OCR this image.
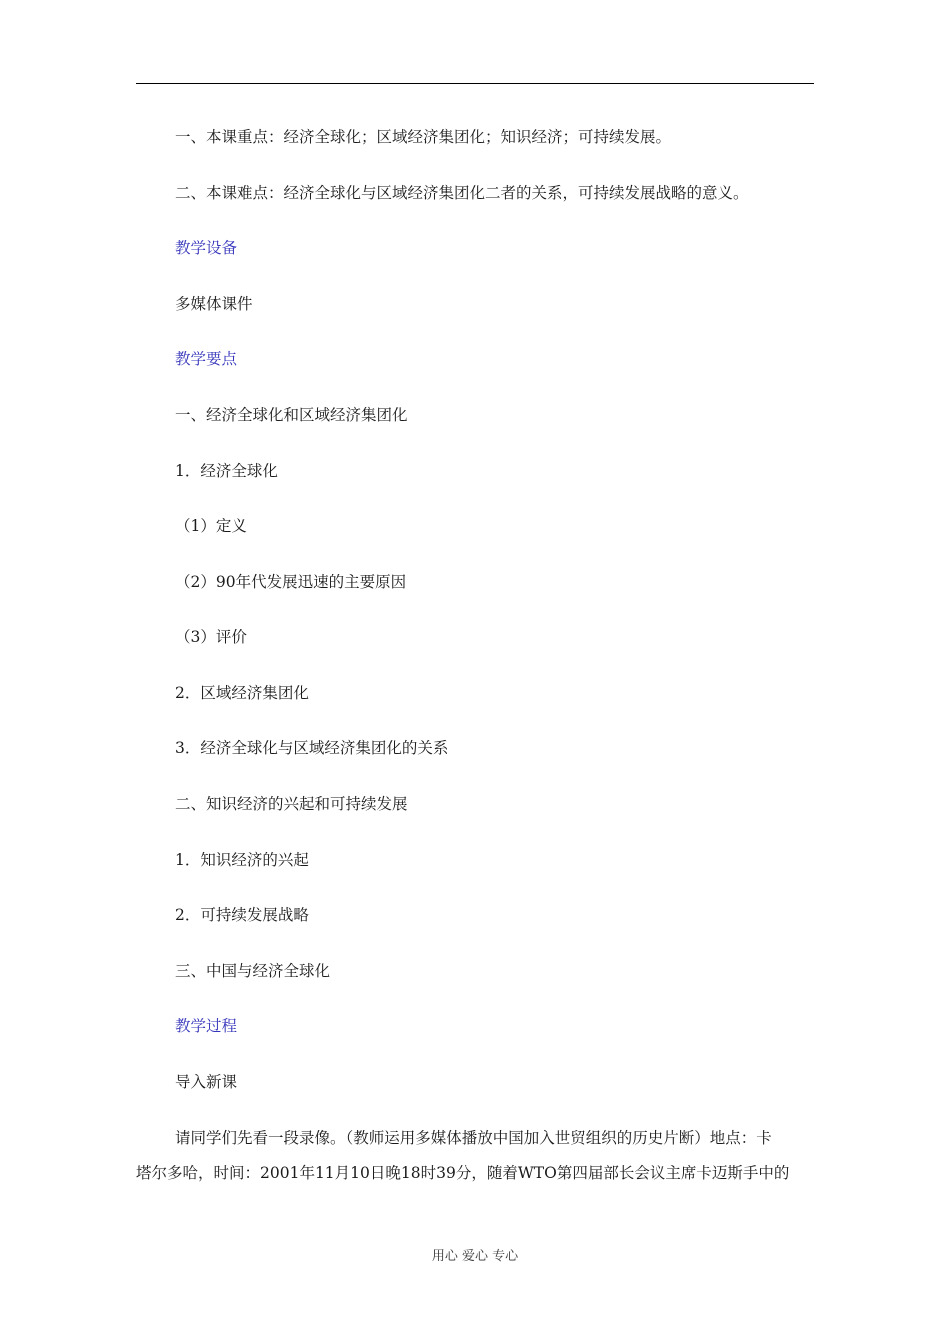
一、本课重点：经济全球化；区域经济集团化；知识经济；可持续发展。
二、本课难点：经济全球化与区域经济集团化二者的关系，可持续发展战略的意义。
教学设备
多媒体课件
教学要点
一、经济全球化和区域经济集团化
1．经济全球化
（1）定义
（2）90年代发展迅速的主要原因
（3）评价
2．区域经济集团化
3．经济全球化与区域经济集团化的关系
二、知识经济的兴起和可持续发展
1．知识经济的兴起
2．可持续发展战略
三、中国与经济全球化
教学过程
导入新课
请同学们先看一段录像。（教师运用多媒体播放中国加入世贸组织的历史片断）地点：卡
塔尔多哈，时间：2001年11月10日晚18时39分，随着WTO第四届部长会议主席卡迈斯手中的
用心 爱心 专心
